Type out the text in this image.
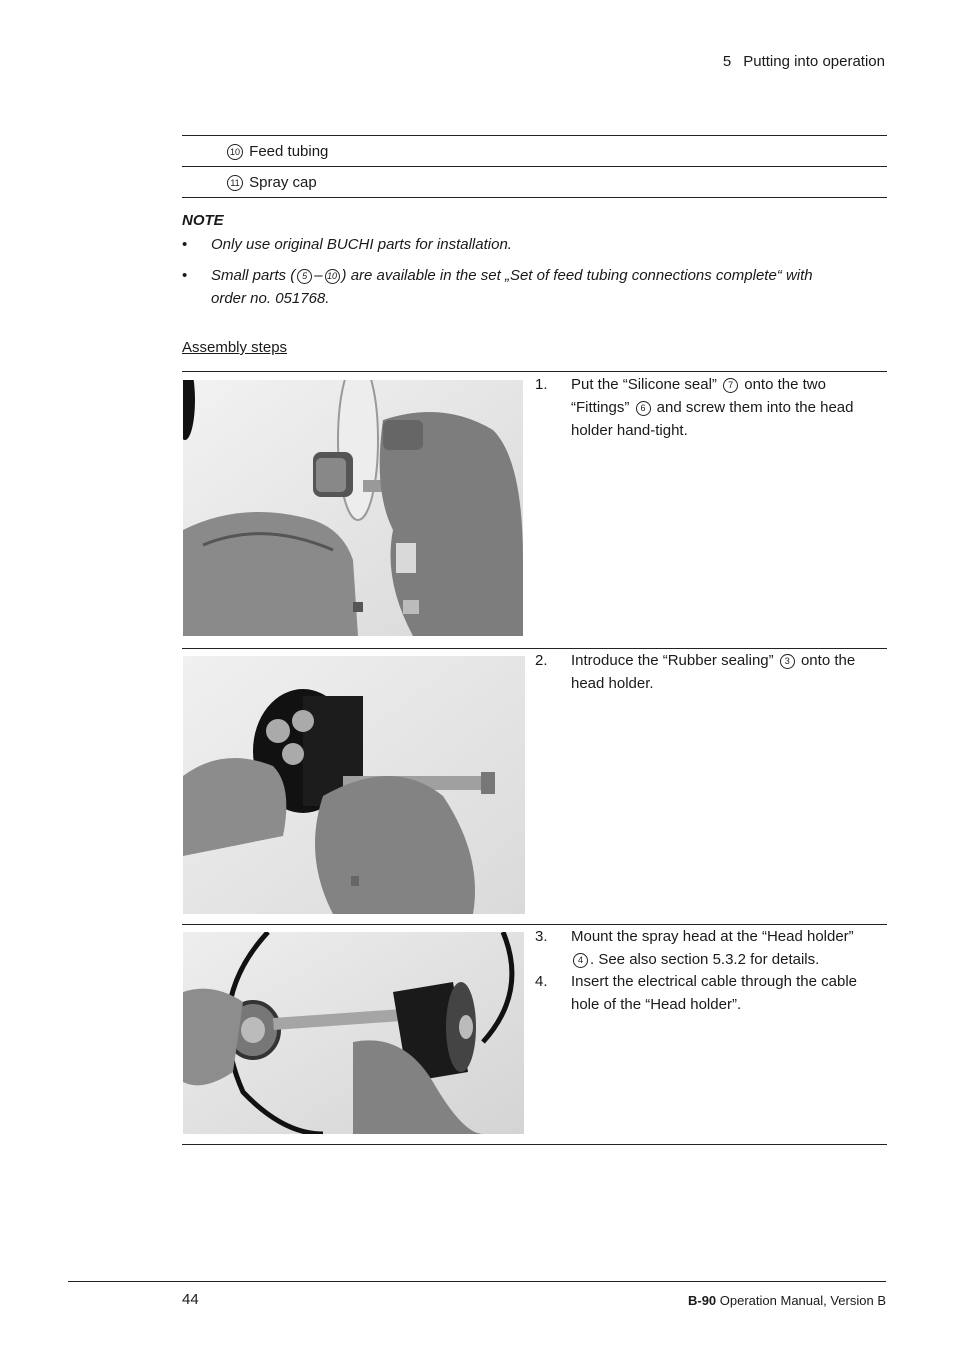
5 Putting into operation
10 Feed tubing
11 Spray cap
NOTE
• Only use original BUCHI parts for installation.
• Small parts ( 5 – 10 ) are available in the set „Set of feed tubing connections complete“ with
order no. 051768.
Assembly steps
1. Put the “Silicone seal” 7 onto the two “Fittings” 6 and screw them into the head holder hand-tight.
2. Introduce the “Rubber sealing” 3 onto the head holder.
3. Mount the spray head at the “Head holder”
4 . See also section 5.3.2 for details.
4. Insert the electrical cable through the cable hole of the “Head holder”.
44	B-90 Operation Manual, Version B
